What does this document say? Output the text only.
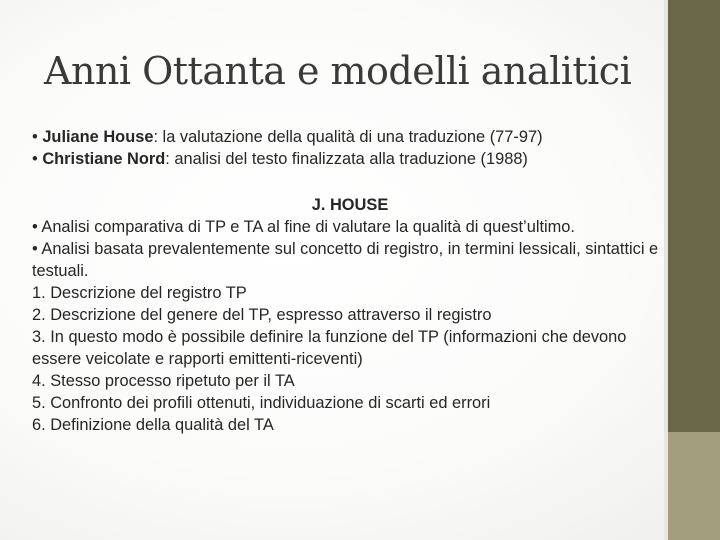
Anni Ottanta e modelli analitici

• Juliane House: la valutazione della qualità di una traduzione (77-97)

• Christiane Nord: analisi del testo finalizzata alla traduzione (1988)

J. HOUSE

• Analisi comparativa di TP e TA al fine di valutare la qualità di quest’ultimo.

• Analisi basata prevalentemente sul concetto di registro, in termini lessicali, sintattici e testuali.

1. Descrizione del registro TP

2. Descrizione del genere del TP, espresso attraverso il registro

3. In questo modo è possibile definire la funzione del TP (informazioni che devono essere veicolate e rapporti emittenti-riceventi)

4. Stesso processo ripetuto per il TA

5. Confronto dei profili ottenuti, individuazione di scarti ed errori

6. Definizione della qualità del TA
